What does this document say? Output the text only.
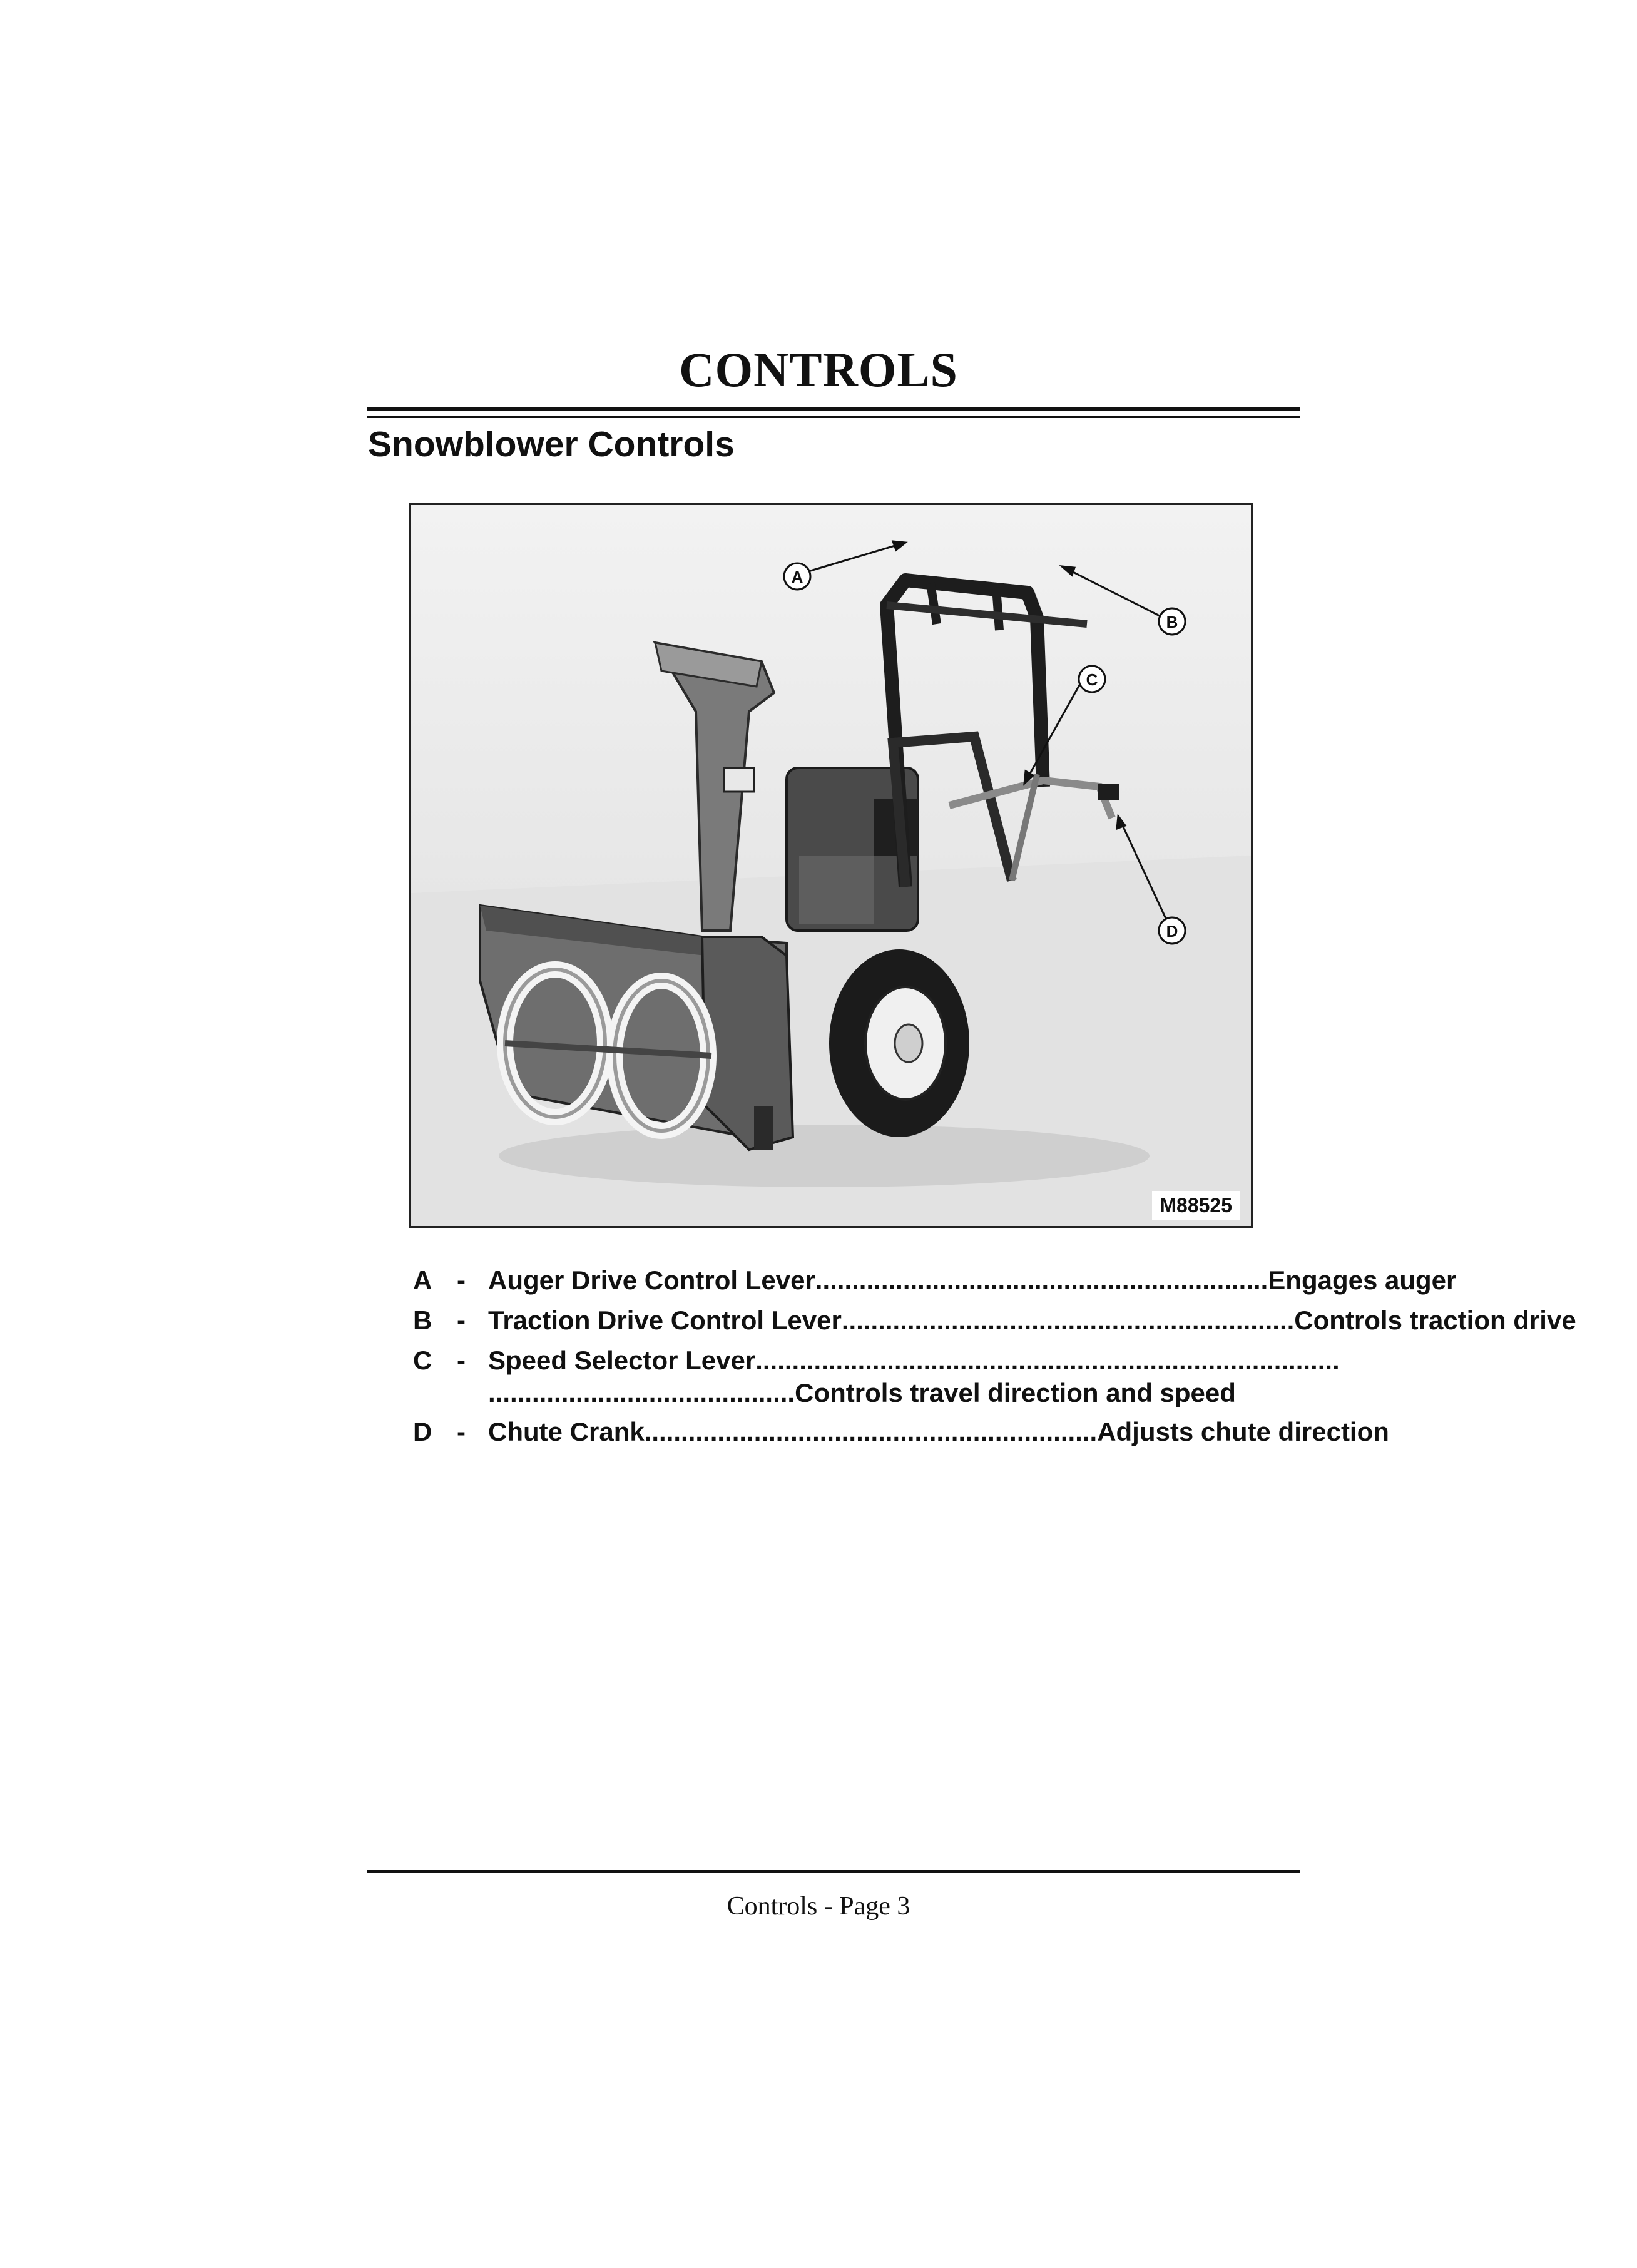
CONTROLS
Snowblower Controls
A
B
C
D
M88525
A - Auger Drive Control Lever .............................................................. Engages auger
B - Traction Drive Control Lever .............................................................. Controls traction drive
C - Speed Selector Lever ................................................................................
.......................................... Controls travel direction and speed
D - Chute Crank .............................................................. Adjusts chute direction
Controls - Page 3
